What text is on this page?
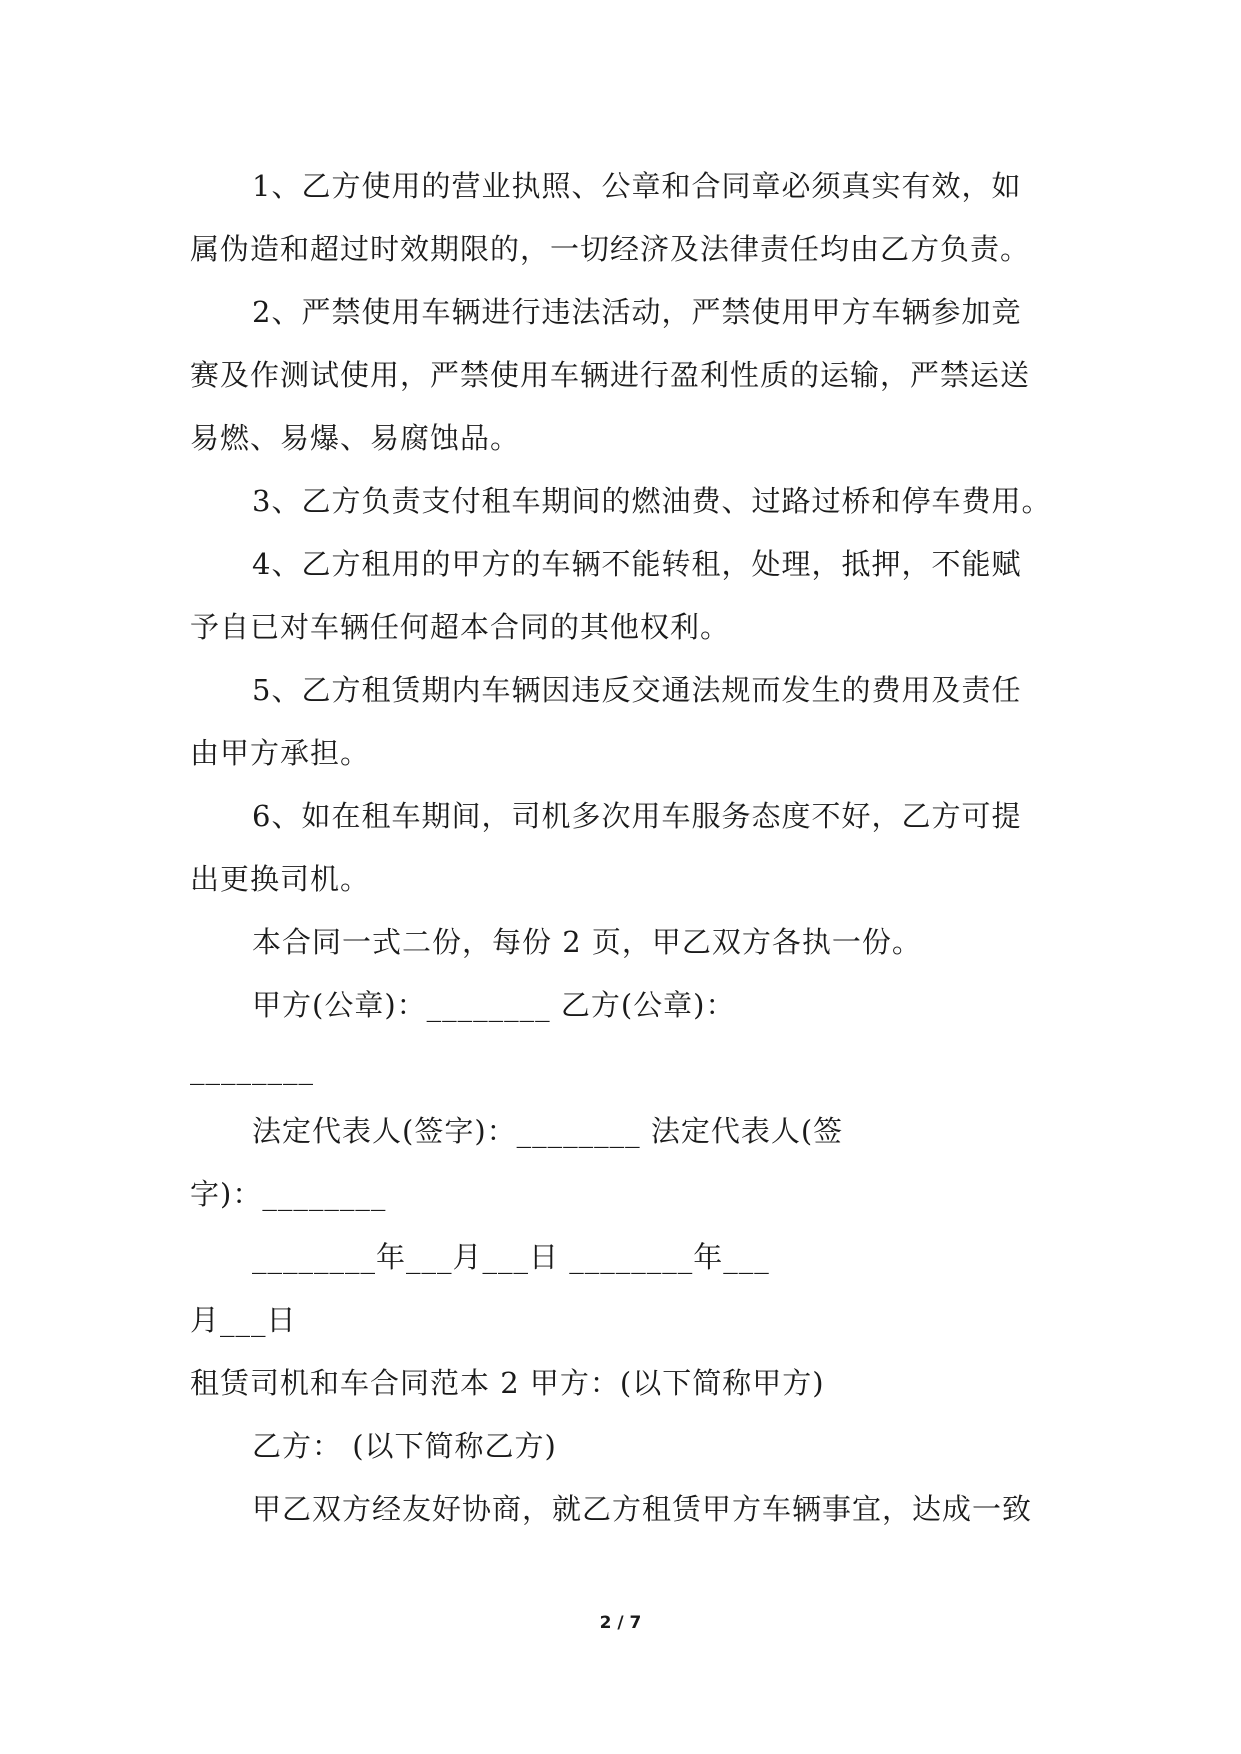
1、乙方使用的营业执照、公章和合同章必须真实有效，如
属伪造和超过时效期限的，一切经济及法律责任均由乙方负责。
2、严禁使用车辆进行违法活动，严禁使用甲方车辆参加竞
赛及作测试使用，严禁使用车辆进行盈利性质的运输，严禁运送
易燃、易爆、易腐蚀品。
3、乙方负责支付租车期间的燃油费、过路过桥和停车费用。
4、乙方租用的甲方的车辆不能转租，处理，抵押，不能赋
予自已对车辆任何超本合同的其他权利。
5、乙方租赁期内车辆因违反交通法规而发生的费用及责任
由甲方承担。
6、如在租车期间，司机多次用车服务态度不好，乙方可提
出更换司机。
本合同一式二份，每份 2 页，甲乙双方各执一份。
甲方(公章)：________ 乙方(公章)：
________
法定代表人(签字)：________ 法定代表人(签
字)：________
________年___月___日 ________年___
月___日
租赁司机和车合同范本 2 甲方：(以下简称甲方)
乙方： (以下简称乙方)
甲乙双方经友好协商，就乙方租赁甲方车辆事宜，达成一致
2 / 7
